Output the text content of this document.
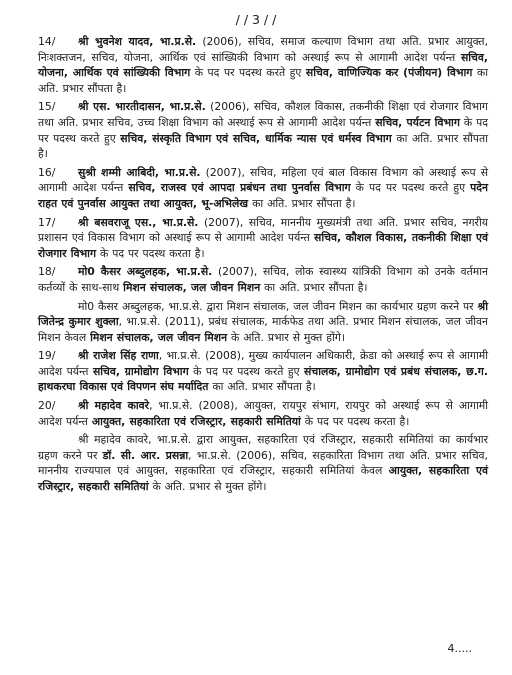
/ / 3 / /

14/ श्री भुवनेश यादव, भा.प्र.से. (2006), सचिव, समाज कल्याण विभाग तथा अति. प्रभार आयुक्त, निःशक्तजन, सचिव, योजना, आर्थिक एवं सांख्यिकी विभाग को अस्थाई रूप से आगामी आदेश पर्यन्त सचिव, योजना, आर्थिक एवं सांख्यिकी विभाग के पद पर पदस्थ करते हुए सचिव, वाणिज्यिक कर (पंजीयन) विभाग का अति. प्रभार सौंपता है।

15/ श्री एस. भारतीदासन, भा.प्र.से. (2006), सचिव, कौशल विकास, तकनीकी शिक्षा एवं रोजगार विभाग तथा अति. प्रभार सचिव, उच्च शिक्षा विभाग को अस्थाई रूप से आगामी आदेश पर्यन्त सचिव, पर्यटन विभाग के पद पर पदस्थ करते हुए सचिव, संस्कृति विभाग एवं सचिव, धार्मिक न्यास एवं धर्मस्व विभाग का अति. प्रभार सौंपता है।

16/ सुश्री शम्मी आबिदी, भा.प्र.से. (2007), सचिव, महिला एवं बाल विकास विभाग को अस्थाई रूप से आगामी आदेश पर्यन्त सचिव, राजस्व एवं आपदा प्रबंधन तथा पुनर्वास विभाग के पद पर पदस्थ करते हुए पदेन राहत एवं पुनर्वास आयुक्त तथा आयुक्त, भू-अभिलेख का अति. प्रभार सौंपता है।

17/ श्री बसवराजू एस., भा.प्र.से. (2007), सचिव, माननीय मुख्यमंत्री तथा अति. प्रभार सचिव, नगरीय प्रशासन एवं विकास विभाग को अस्थाई रूप से आगामी आदेश पर्यन्त सचिव, कौशल विकास, तकनीकी शिक्षा एवं रोजगार विभाग के पद पर पदस्थ करता है।

18/ मो0 कैसर अब्दुलहक, भा.प्र.से. (2007), सचिव, लोक स्वास्थ्य यांत्रिकी विभाग को उनके वर्तमान कर्तव्यों के साथ-साथ मिशन संचालक, जल जीवन मिशन का अति. प्रभार सौंपता है।

मो0 कैसर अब्दुलहक, भा.प्र.से. द्वारा मिशन संचालक, जल जीवन मिशन का कार्यभार ग्रहण करने पर श्री जितेन्द्र कुमार शुक्ला, भा.प्र.से. (2011), प्रबंध संचालक, मार्कफेड तथा अति. प्रभार मिशन संचालक, जल जीवन मिशन केवल मिशन संचालक, जल जीवन मिशन के अति. प्रभार से मुक्त होंगे।

19/ श्री राजेश सिंह राणा, भा.प्र.से. (2008), मुख्य कार्यपालन अधिकारी, क्रेडा को अस्थाई रूप से आगामी आदेश पर्यन्त सचिव, ग्रामोद्योग विभाग के पद पर पदस्थ करते हुए संचालक, ग्रामोद्योग एवं प्रबंध संचालक, छ.ग. हाथकरघा विकास एवं विपणन संघ मर्यादित का अति. प्रभार सौंपता है।

20/ श्री महादेव कावरे, भा.प्र.से. (2008), आयुक्त, रायपुर संभाग, रायपुर को अस्थाई रूप से आगामी आदेश पर्यन्त आयुक्त, सहकारिता एवं रजिस्ट्रार, सहकारी समितियां के पद पर पदस्थ करता है।

श्री महादेव कावरे, भा.प्र.से. द्वारा आयुक्त, सहकारिता एवं रजिस्ट्रार, सहकारी समितियां का कार्यभार ग्रहण करने पर डॉ. सी. आर. प्रसन्ना, भा.प्र.से. (2006), सचिव, सहकारिता विभाग तथा अति. प्रभार सचिव, माननीय राज्यपाल एवं आयुक्त, सहकारिता एवं रजिस्ट्रार, सहकारी समितियां केवल आयुक्त, सहकारिता एवं रजिस्ट्रार, सहकारी समितियां के अति. प्रभार से मुक्त होंगे।

4.....
